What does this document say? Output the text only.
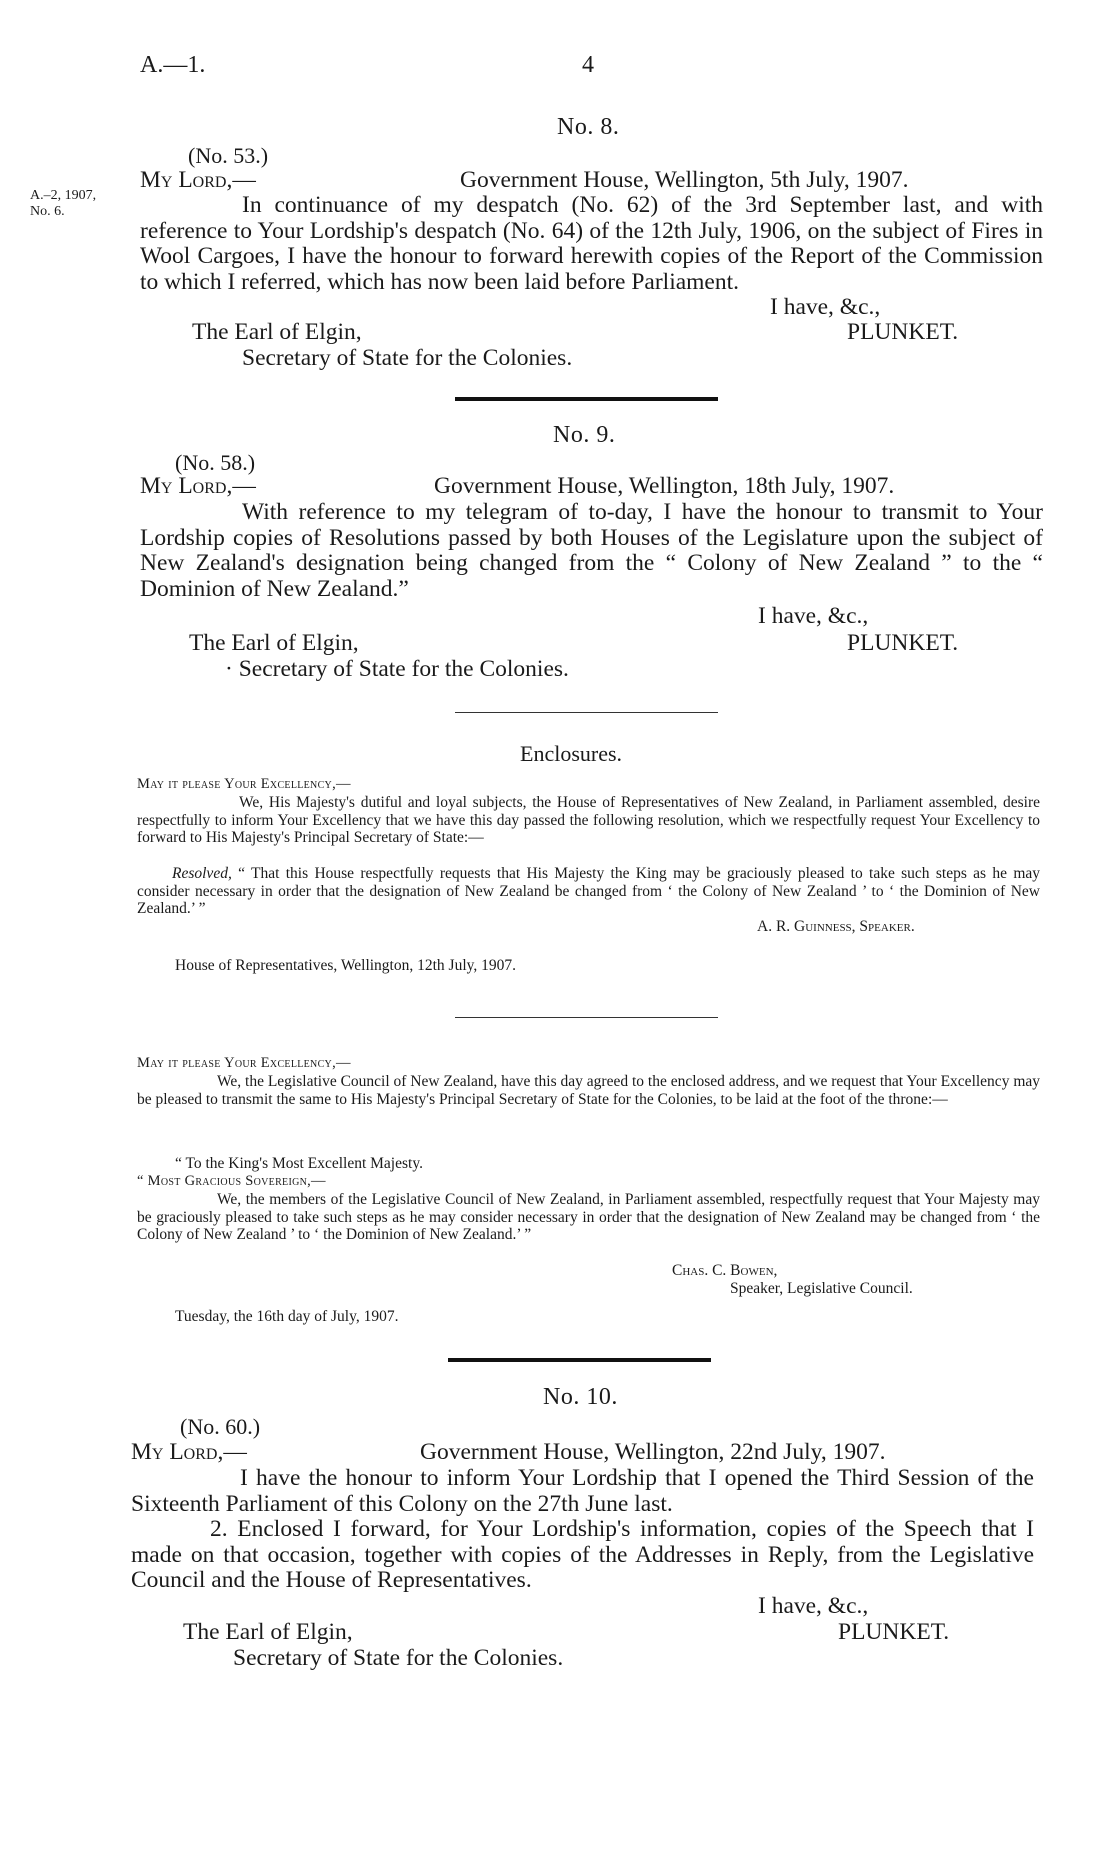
A.—1.	4
A.–2, 1907,
No. 6.
No. 8.
(No. 53.)
My Lord,—	Government House, Wellington, 5th July, 1907.
In continuance of my despatch (No. 62) of the 3rd September last, and with reference to Your Lordship's despatch (No. 64) of the 12th July, 1906, on the subject of Fires in Wool Cargoes, I have the honour to forward herewith copies of the Report of the Commission to which I referred, which has now been laid before Parliament.
I have, &c.,
The Earl of Elgin,	PLUNKET.
Secretary of State for the Colonies.
No. 9.
(No. 58.)
My Lord,—	Government House, Wellington, 18th July, 1907.
With reference to my telegram of to-day, I have the honour to transmit to Your Lordship copies of Resolutions passed by both Houses of the Legislature upon the subject of New Zealand's designation being changed from the “ Colony of New Zealand ” to the “ Dominion of New Zealand.”
I have, &c.,
The Earl of Elgin,	PLUNKET.
· Secretary of State for the Colonies.
Enclosures.
May it please Your Excellency,—
We, His Majesty's dutiful and loyal subjects, the House of Representatives of New Zealand, in Parliament assembled, desire respectfully to inform Your Excellency that we have this day passed the following resolution, which we respectfully request Your Excellency to forward to His Majesty's Principal Secretary of State:—
Resolved, “ That this House respectfully requests that His Majesty the King may be graciously pleased to take such steps as he may consider necessary in order that the designation of New Zealand be changed from ‘ the Colony of New Zealand ’ to ‘ the Dominion of New Zealand.’ ”
A. R. Guinness, Speaker.
House of Representatives, Wellington, 12th July, 1907.
May it please Your Excellency,—
We, the Legislative Council of New Zealand, have this day agreed to the enclosed address, and we request that Your Excellency may be pleased to transmit the same to His Majesty's Principal Secretary of State for the Colonies, to be laid at the foot of the throne:—
“ To the King's Most Excellent Majesty.
“ Most Gracious Sovereign,—
We, the members of the Legislative Council of New Zealand, in Parliament assembled, respectfully request that Your Majesty may be graciously pleased to take such steps as he may consider necessary in order that the designation of New Zealand may be changed from ‘ the Colony of New Zealand ’ to ‘ the Dominion of New Zealand.’ ”
Chas. C. Bowen,
Speaker, Legislative Council.
Tuesday, the 16th day of July, 1907.
No. 10.
(No. 60.)
My Lord,—	Government House, Wellington, 22nd July, 1907.
I have the honour to inform Your Lordship that I opened the Third Session of the Sixteenth Parliament of this Colony on the 27th June last.
2. Enclosed I forward, for Your Lordship's information, copies of the Speech that I made on that occasion, together with copies of the Addresses in Reply, from the Legislative Council and the House of Representatives.
I have, &c.,
The Earl of Elgin,	PLUNKET.
Secretary of State for the Colonies.
